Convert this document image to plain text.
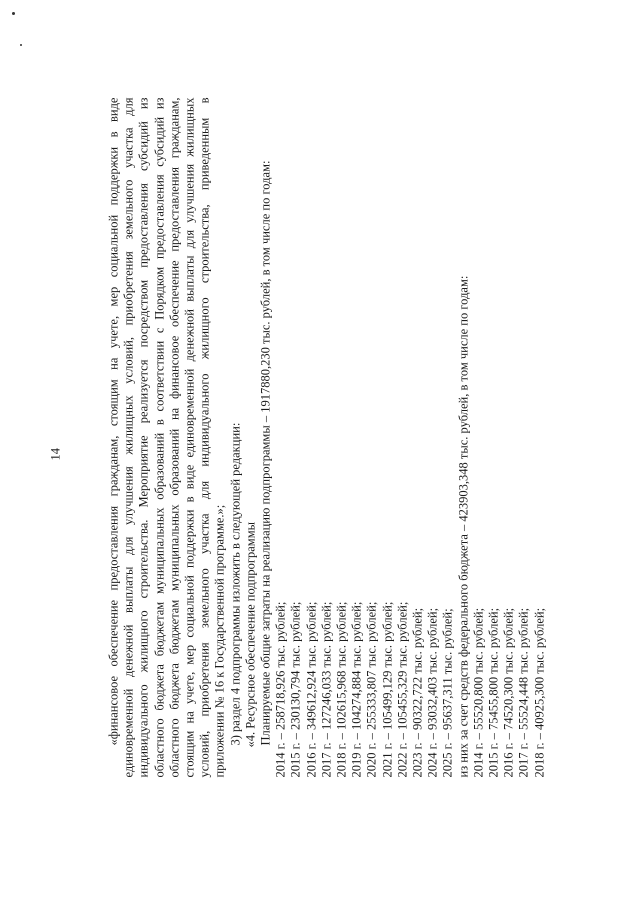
14	«финансовое обеспечение предоставления гражданам, стоящим на учете, мер социальной поддержки в виде единовременной денежной выплаты для улучшения жилищных условий, приобретения земельного участка для индивидуального жилищного строительства. Мероприятие реализуется посредством предоставления субсидий из областного бюджета бюджетам муниципальных образований в соответствии с Порядком предоставления субсидий из областного бюджета бюджетам муниципальных образований на финансовое обеспечение предоставления гражданам, стоящим на учете, мер социальной поддержки в виде единовременной денежной выплаты для улучшения жилищных условий, приобретения земельного участка для индивидуального жилищного строительства, приведенным в приложении № 16 к Государственной программе.»; 3) раздел 4 подпрограммы изложить в следующей редакции: «4. Ресурсное обеспечение подпрограммы Планируемые общие затраты на реализацию подпрограммы – 1917880,230 тыс. рублей, в том числе по годам: 2014 г. – 258718,926 тыс. рублей; 2015 г. – 230130,794 тыс. рублей; 2016 г. – 349612,924 тыс. рублей; 2017 г. – 127246,033 тыс. рублей; 2018 г. – 102615,968 тыс. рублей; 2019 г. – 104274,884 тыс. рублей; 2020 г. – 255333,807 тыс. рублей; 2021 г. – 105499,129 тыс. рублей; 2022 г. – 105455,329 тыс. рублей; 2023 г. – 90322,722 тыс. рублей; 2024 г. – 93032,403 тыс. рублей; 2025 г. – 95637,311 тыс. рублей; из них за счет средств федерального бюджета – 423903,348 тыс. рублей, в том числе по годам: 2014 г. – 55520,800 тыс. рублей; 2015 г. – 75455,800 тыс. рублей; 2016 г. – 74520,300 тыс. рублей; 2017 г. – 55524,448 тыс. рублей; 2018 г. – 40925,300 тыс. рублей;
